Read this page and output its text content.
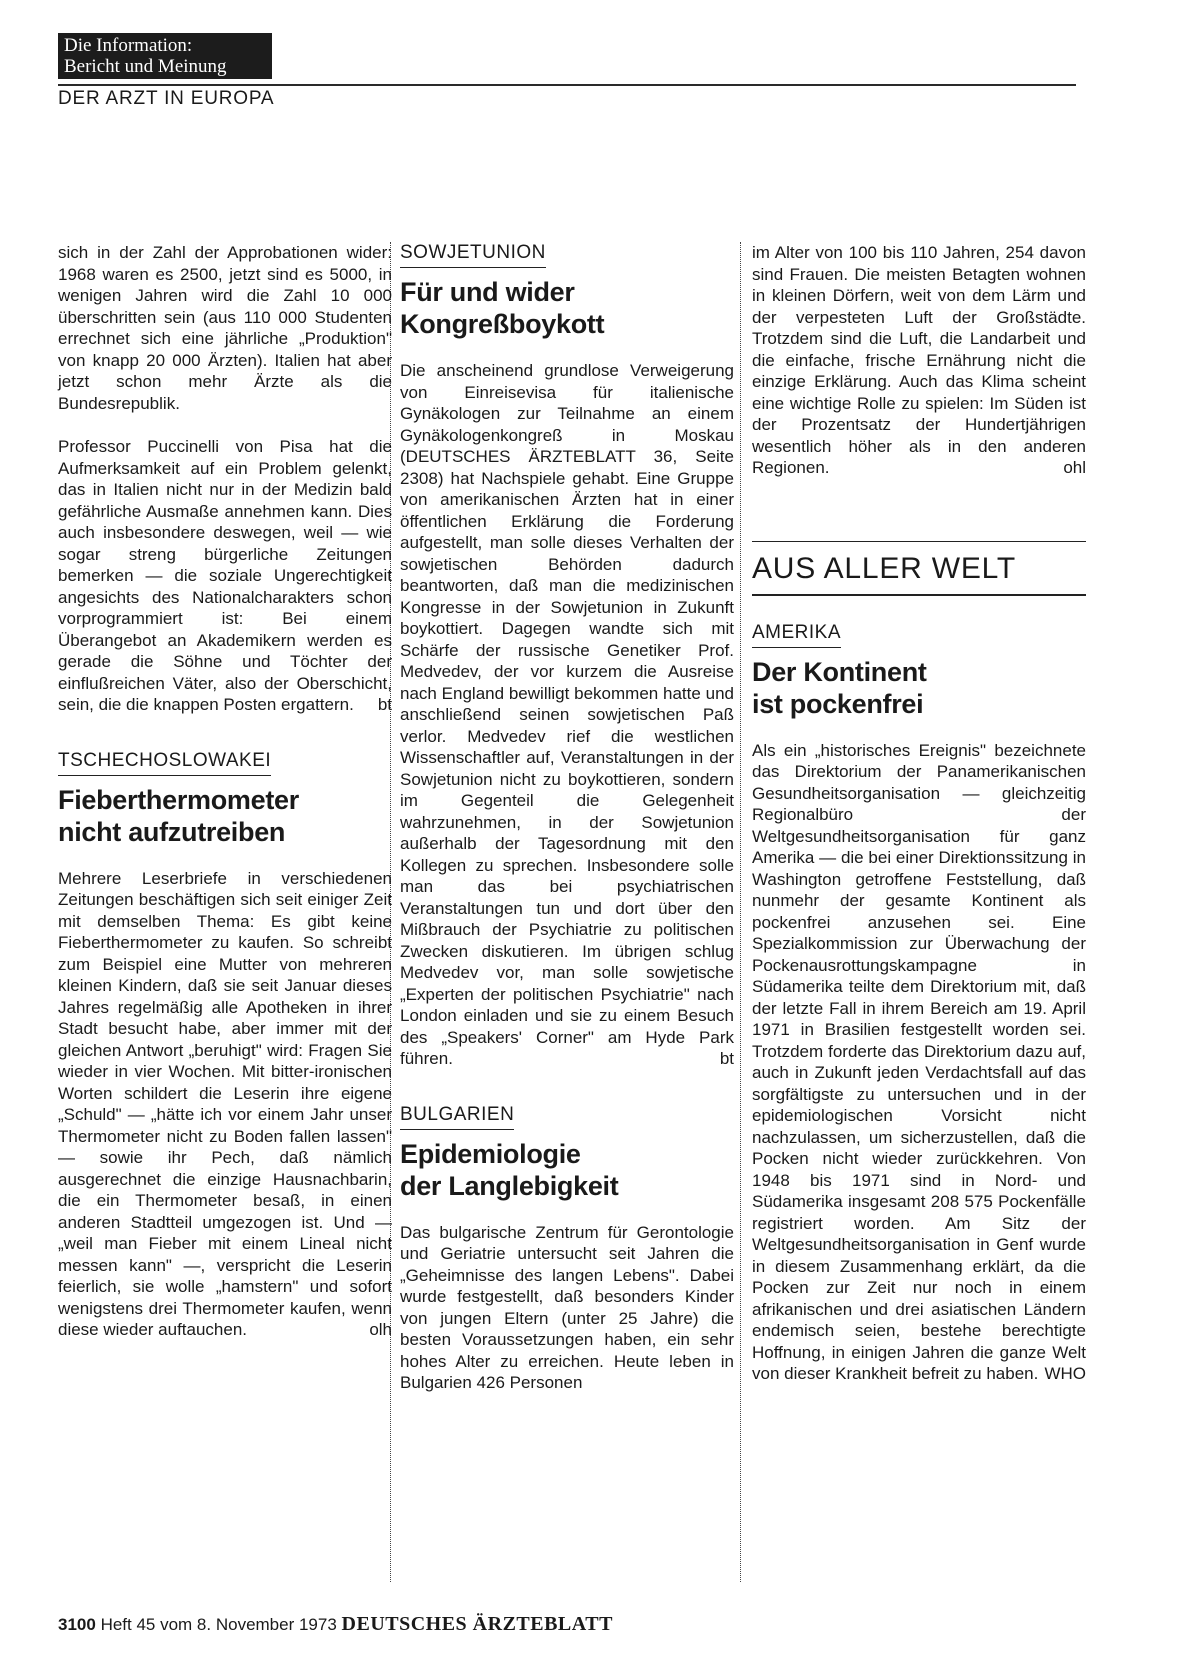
Die Information:
Bericht und Meinung
DER ARZT IN EUROPA

sich in der Zahl der Approbationen wider: 1968 waren es 2500, jetzt sind es 5000, in wenigen Jahren wird die Zahl 10 000 überschritten sein (aus 110 000 Studenten errechnet sich eine jährliche „Produktion" von knapp 20 000 Ärzten). Italien hat aber jetzt schon mehr Ärzte als die Bundesrepublik.

Professor Puccinelli von Pisa hat die Aufmerksamkeit auf ein Problem gelenkt, das in Italien nicht nur in der Medizin bald gefährliche Ausmaße annehmen kann. Dies auch insbesondere deswegen, weil — wie sogar streng bürgerliche Zeitungen bemerken — die soziale Ungerechtigkeit angesichts des Nationalcharakters schon vorprogrammiert ist: Bei einem Überangebot an Akademikern werden es gerade die Söhne und Töchter der einflußreichen Väter, also der Oberschicht, sein, die die knappen Posten ergattern. bt

TSCHECHOSLOWAKEI
Fieberthermometer
nicht aufzutreiben

Mehrere Leserbriefe in verschiedenen Zeitungen beschäftigen sich seit einiger Zeit mit demselben Thema: Es gibt keine Fieberthermometer zu kaufen. So schreibt zum Beispiel eine Mutter von mehreren kleinen Kindern, daß sie seit Januar dieses Jahres regelmäßig alle Apotheken in ihrer Stadt besucht habe, aber immer mit der gleichen Antwort „beruhigt" wird: Fragen Sie wieder in vier Wochen. Mit bitter-ironischen Worten schildert die Leserin ihre eigene „Schuld" — „hätte ich vor einem Jahr unser Thermometer nicht zu Boden fallen lassen" — sowie ihr Pech, daß nämlich ausgerechnet die einzige Hausnachbarin, die ein Thermometer besaß, in einen anderen Stadtteil umgezogen ist. Und — „weil man Fieber mit einem Lineal nicht messen kann" —, verspricht die Leserin feierlich, sie wolle „hamstern" und sofort wenigstens drei Thermometer kaufen, wenn diese wieder auftauchen.	olh

SOWJETUNION
Für und wider
Kongreßboykott

Die anscheinend grundlose Verweigerung von Einreisevisa für italienische Gynäkologen zur Teilnahme an einem Gynäkologenkongreß in Moskau (DEUTSCHES ÄRZTEBLATT 36, Seite 2308) hat Nachspiele gehabt. Eine Gruppe von amerikanischen Ärzten hat in einer öffentlichen Erklärung die Forderung aufgestellt, man solle dieses Verhalten der sowjetischen Behörden dadurch beantworten, daß man die medizinischen Kongresse in der Sowjetunion in Zukunft boykottiert. Dagegen wandte sich mit Schärfe der russische Genetiker Prof. Medvedev, der vor kurzem die Ausreise nach England bewilligt bekommen hatte und anschließend seinen sowjetischen Paß verlor. Medvedev rief die westlichen Wissenschaftler auf, Veranstaltungen in der Sowjetunion nicht zu boykottieren, sondern im Gegenteil die Gelegenheit wahrzunehmen, in der Sowjetunion außerhalb der Tagesordnung mit den Kollegen zu sprechen. Insbesondere solle man das bei psychiatrischen Veranstaltungen tun und dort über den Mißbrauch der Psychiatrie zu politischen Zwecken diskutieren. Im übrigen schlug Medvedev vor, man solle sowjetische „Experten der politischen Psychiatrie" nach London einladen und sie zu einem Besuch des „Speakers' Corner" am Hyde Park führen.	bt

BULGARIEN
Epidemiologie
der Langlebigkeit

Das bulgarische Zentrum für Gerontologie und Geriatrie untersucht seit Jahren die „Geheimnisse des langen Lebens". Dabei wurde festgestellt, daß besonders Kinder von jungen Eltern (unter 25 Jahre) die besten Voraussetzungen haben, ein sehr hohes Alter zu erreichen. Heute leben in Bulgarien 426 Personen

im Alter von 100 bis 110 Jahren, 254 davon sind Frauen. Die meisten Betagten wohnen in kleinen Dörfern, weit von dem Lärm und der verpesteten Luft der Großstädte. Trotzdem sind die Luft, die Landarbeit und die einfache, frische Ernährung nicht die einzige Erklärung. Auch das Klima scheint eine wichtige Rolle zu spielen: Im Süden ist der Prozentsatz der Hundertjährigen wesentlich höher als in den anderen Regionen.	ohl

AUS ALLER WELT
AMERIKA
Der Kontinent
ist pockenfrei

Als ein „historisches Ereignis" bezeichnete das Direktorium der Panamerikanischen Gesundheitsorganisation — gleichzeitig Regionalbüro der Weltgesundheitsorganisation für ganz Amerika — die bei einer Direktionssitzung in Washington getroffene Feststellung, daß nunmehr der gesamte Kontinent als pockenfrei anzusehen sei. Eine Spezialkommission zur Überwachung der Pockenausrottungskampagne in Südamerika teilte dem Direktorium mit, daß der letzte Fall in ihrem Bereich am 19. April 1971 in Brasilien festgestellt worden sei. Trotzdem forderte das Direktorium dazu auf, auch in Zukunft jeden Verdachtsfall auf das sorgfältigste zu untersuchen und in der epidemiologischen Vorsicht nicht nachzulassen, um sicherzustellen, daß die Pocken nicht wieder zurückkehren. Von 1948 bis 1971 sind in Nord- und Südamerika insgesamt 208 575 Pockenfälle registriert worden. Am Sitz der Weltgesundheitsorganisation in Genf wurde in diesem Zusammenhang erklärt, da die Pocken zur Zeit nur noch in einem afrikanischen und drei asiatischen Ländern endemisch seien, bestehe berechtigte Hoffnung, in einigen Jahren die ganze Welt von dieser Krankheit befreit zu haben. WHO

3100 Heft 45 vom 8. November 1973 DEUTSCHES ÄRZTEBLATT
